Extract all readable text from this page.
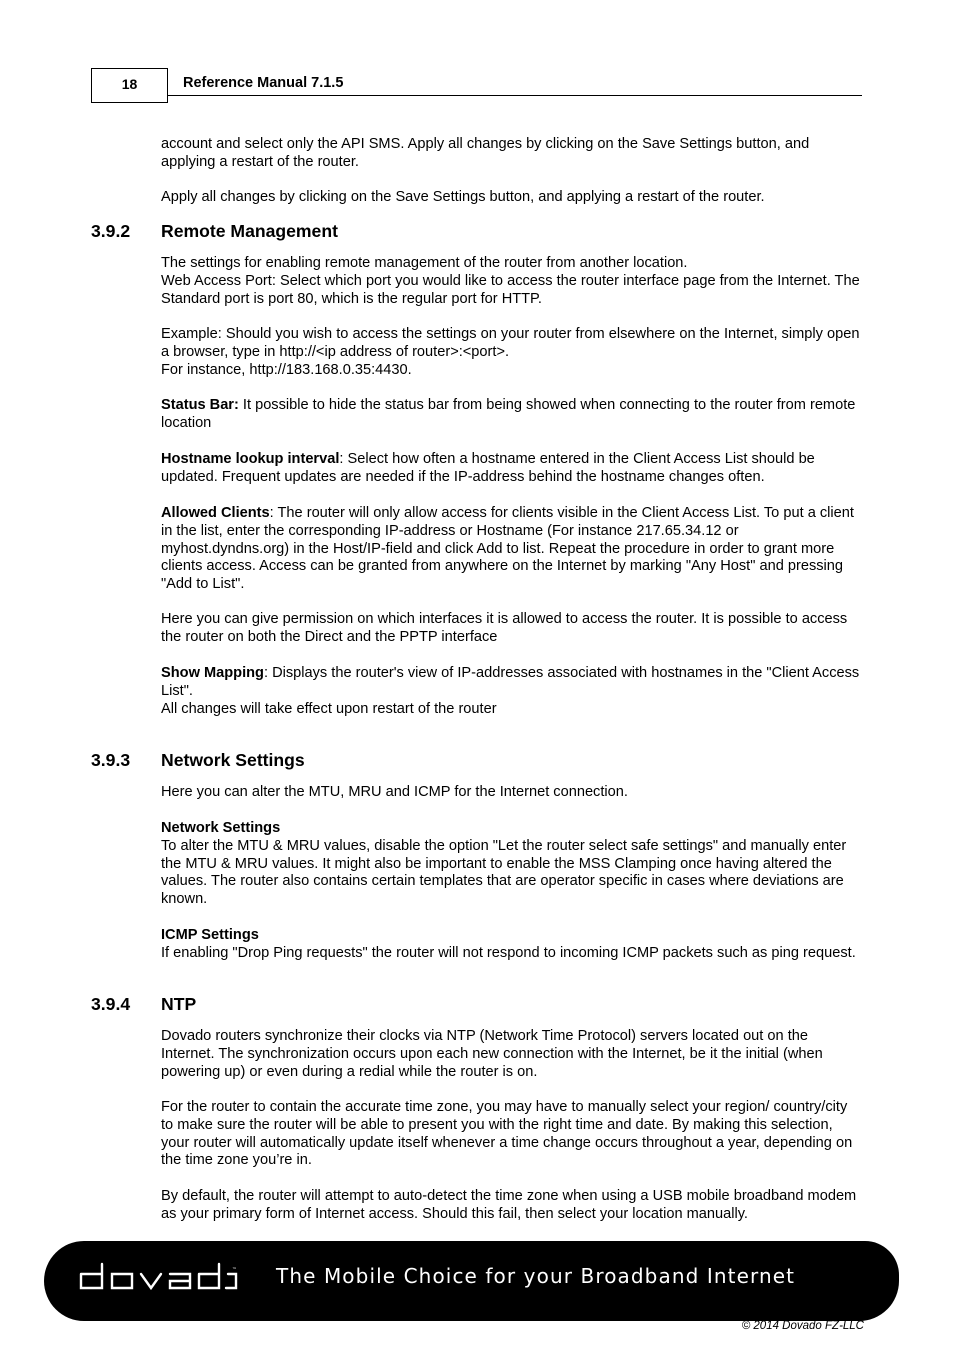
18	Reference Manual 7.1.5

account and select only the API SMS. Apply all changes by clicking on the Save Settings button, and applying a restart of the router.

Apply all changes by clicking on the Save Settings button, and applying a restart of the router.

3.9.2 Remote Management

The settings for enabling remote management of the router from another location.
Web Access Port: Select which port you would like to access the router interface page from the Internet. The Standard port is port 80, which is the regular port for HTTP.

Example: Should you wish to access the settings on your router from elsewhere on the Internet, simply open a browser, type in http://<ip address of router>:<port>.
For instance, http://183.168.0.35:4430.

Status Bar: It possible to hide the status bar from being showed when connecting to the router from remote location

Hostname lookup interval: Select how often a hostname entered in the Client Access List should be updated. Frequent updates are needed if the IP-address behind the hostname changes often.

Allowed Clients: The router will only allow access for clients visible in the Client Access List. To put a client in the list, enter the corresponding IP-address or Hostname (For instance 217.65.34.12 or myhost.dyndns.org) in the Host/IP-field and click Add to list. Repeat the procedure in order to grant more clients access. Access can be granted from anywhere on the Internet by marking "Any Host" and pressing "Add to List".

Here you can give permission on which interfaces it is allowed to access the router. It is possible to access the router on both the Direct and the PPTP interface

Show Mapping: Displays the router's view of IP-addresses associated with hostnames in the "Client Access List".
All changes will take effect upon restart of the router

3.9.3 Network Settings

Here you can alter the MTU, MRU and ICMP for the Internet connection.

Network Settings
To alter the MTU & MRU values, disable the option "Let the router select safe settings" and manually enter the MTU & MRU values. It might also be important to enable the MSS Clamping once having altered the values. The router also contains certain templates that are operator specific in cases where deviations are known.

ICMP Settings
If enabling "Drop Ping requests" the router will not respond to incoming ICMP packets such as ping request.

3.9.4 NTP

Dovado routers synchronize their clocks via NTP (Network Time Protocol) servers located out on the Internet. The synchronization occurs upon each new connection with the Internet, be it the initial (when powering up) or even during a redial while the router is on.

For the router to contain the accurate time zone, you may have to manually select your region/ country/city to make sure the router will be able to present you with the right time and date. By making this selection, your router will automatically update itself whenever a time change occurs throughout a year, depending on the time zone you’re in.

By default, the router will attempt to auto-detect the time zone when using a USB mobile broadband modem as your primary form of Internet access. Should this fail, then select your location manually.

™ The Mobile Choice for your Broadband Internet
© 2014 Dovado FZ-LLC
